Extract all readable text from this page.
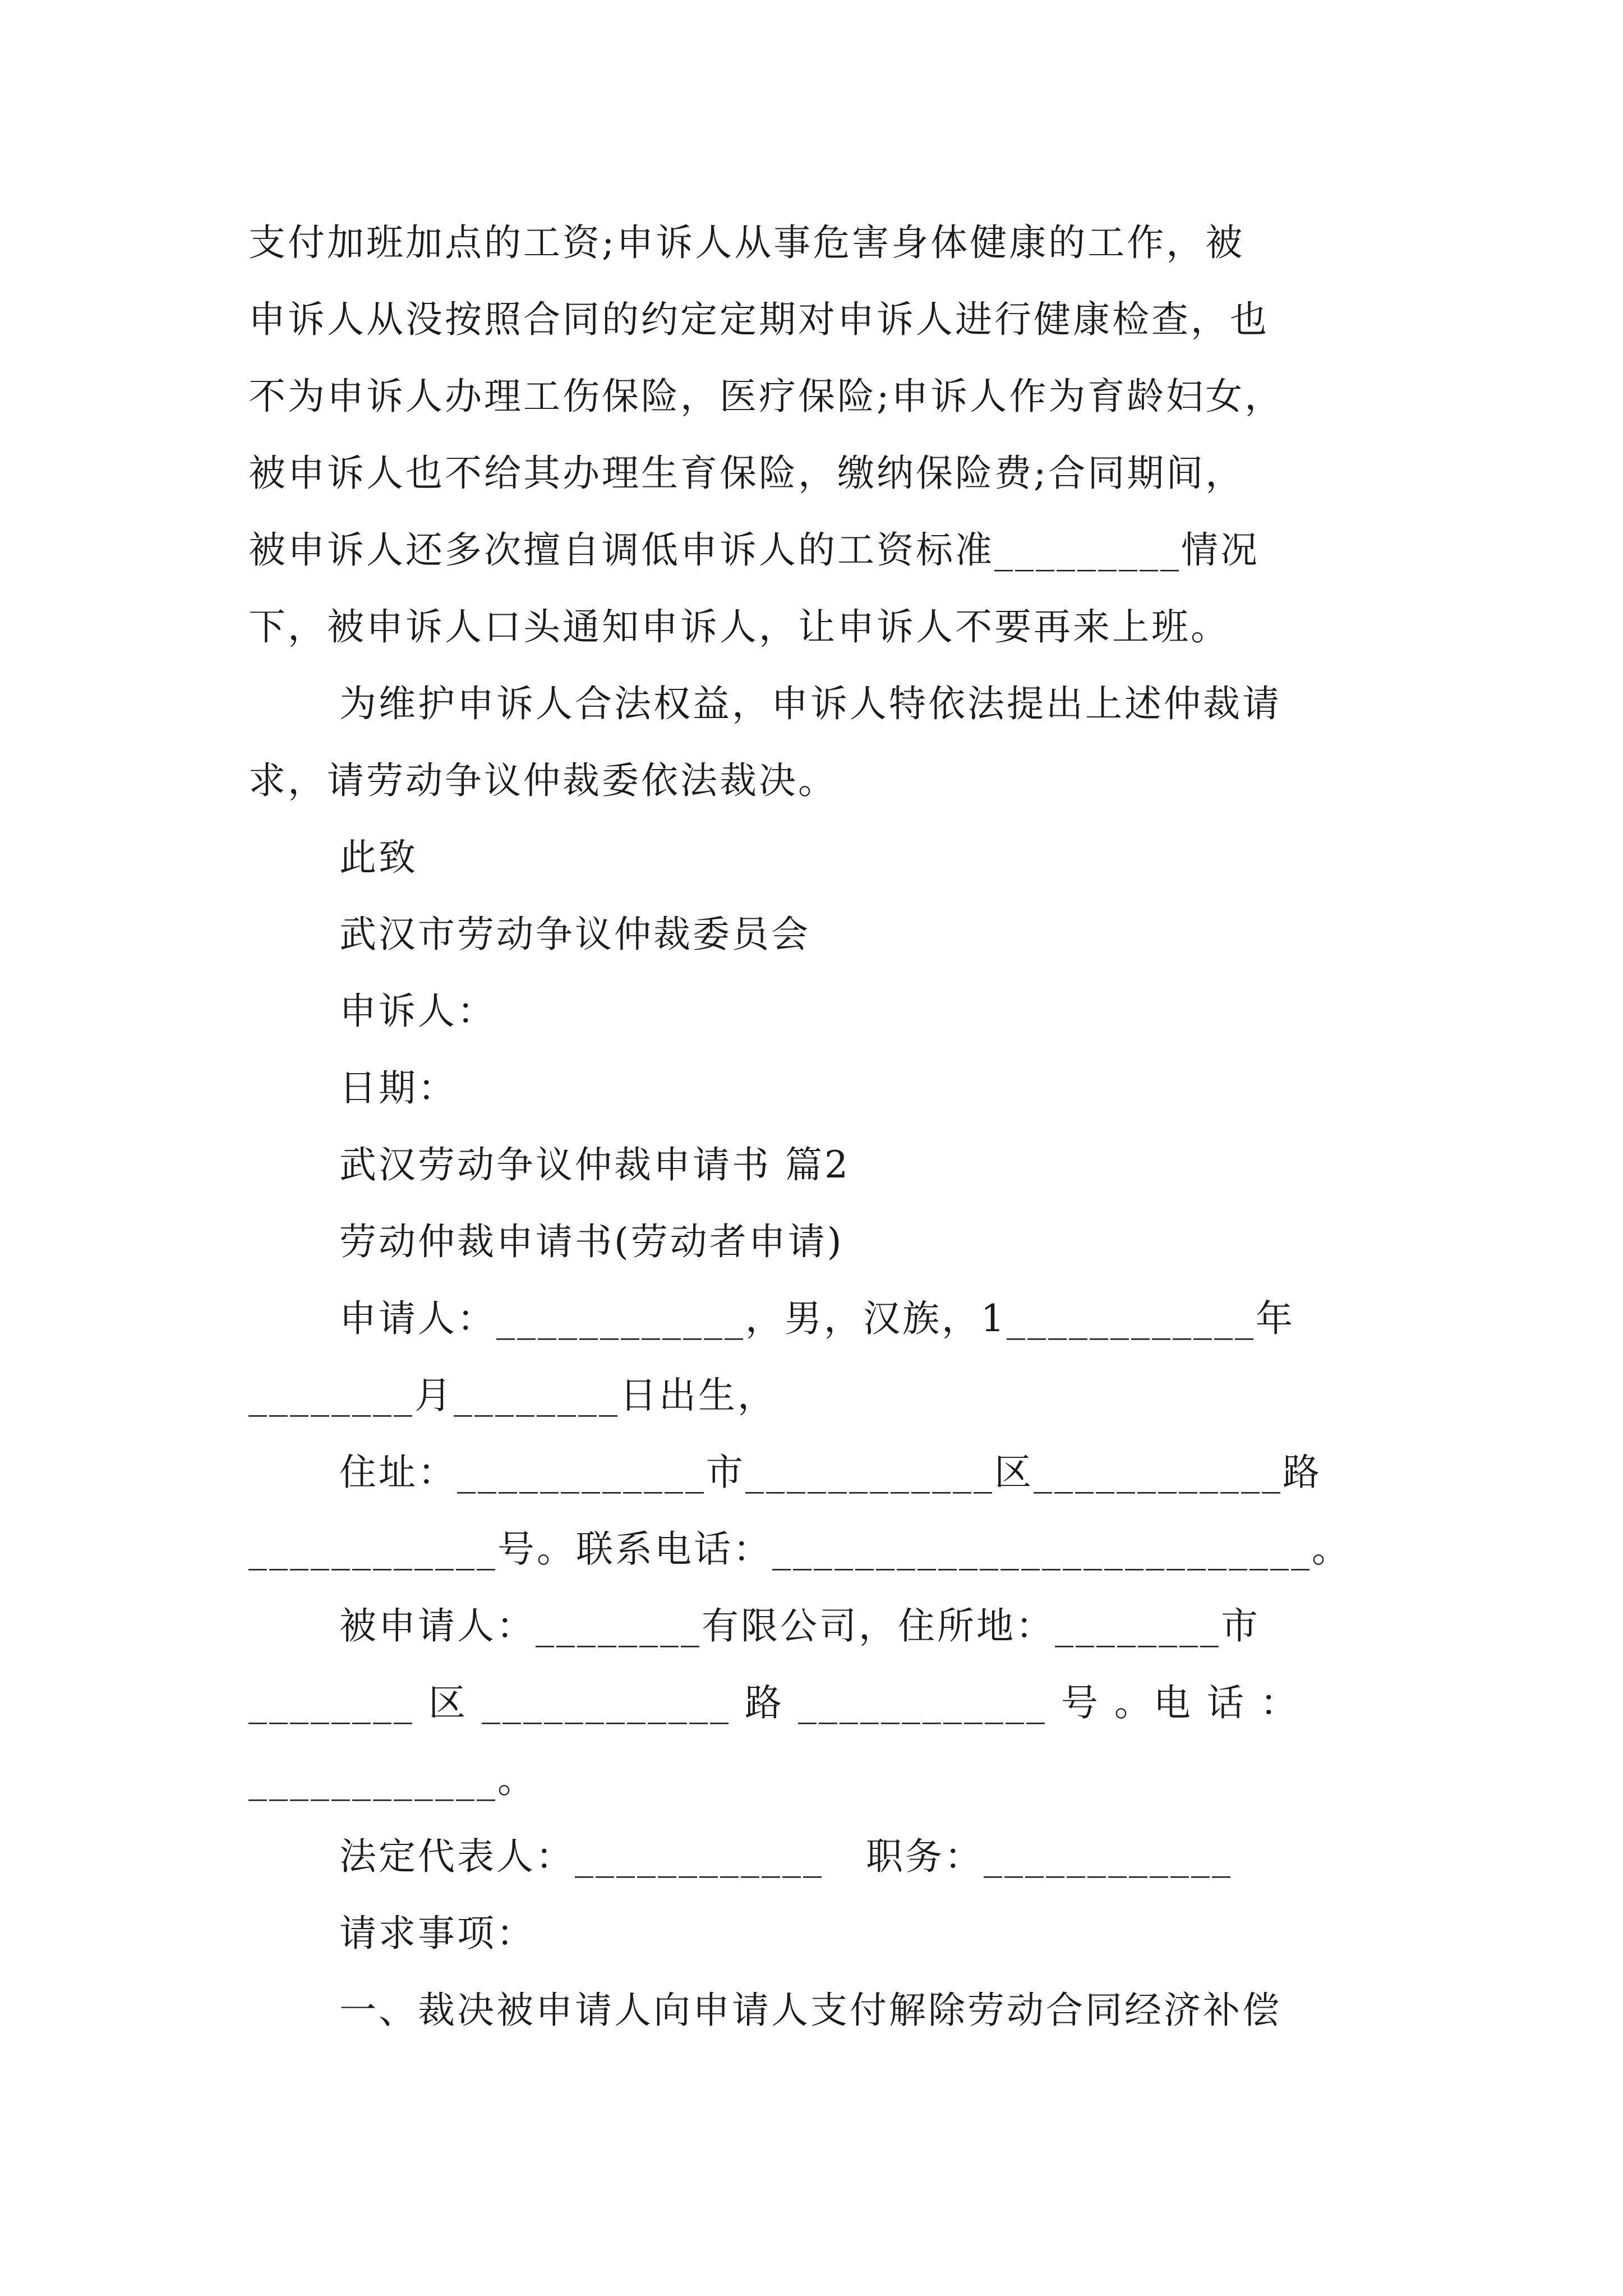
支付加班加点的工资;申诉人从事危害身体健康的工作，被
申诉人从没按照合同的约定定期对申诉人进行健康检查，也
不为申诉人办理工伤保险，医疗保险;申诉人作为育龄妇女，
被申诉人也不给其办理生育保险，缴纳保险费;合同期间，
被申诉人还多次擅自调低申诉人的工资标准_________情况
下，被申诉人口头通知申诉人，让申诉人不要再来上班。
为维护申诉人合法权益，申诉人特依法提出上述仲裁请
求，请劳动争议仲裁委依法裁决。
此致
武汉市劳动争议仲裁委员会
申诉人：
日期：
武汉劳动争议仲裁申请书 篇2
劳动仲裁申请书(劳动者申请)
申请人：____________，男，汉族，1____________年
________月________日出生，
住址：____________市____________区____________路
____________号。联系电话：__________________________。
被申请人：________有限公司，住所地：________市
________ 区 ____________ 路 ____________ 号 。电 话 ：
____________。
法定代表人：____________   职务：____________
请求事项：
一、裁决被申请人向申请人支付解除劳动合同经济补偿
